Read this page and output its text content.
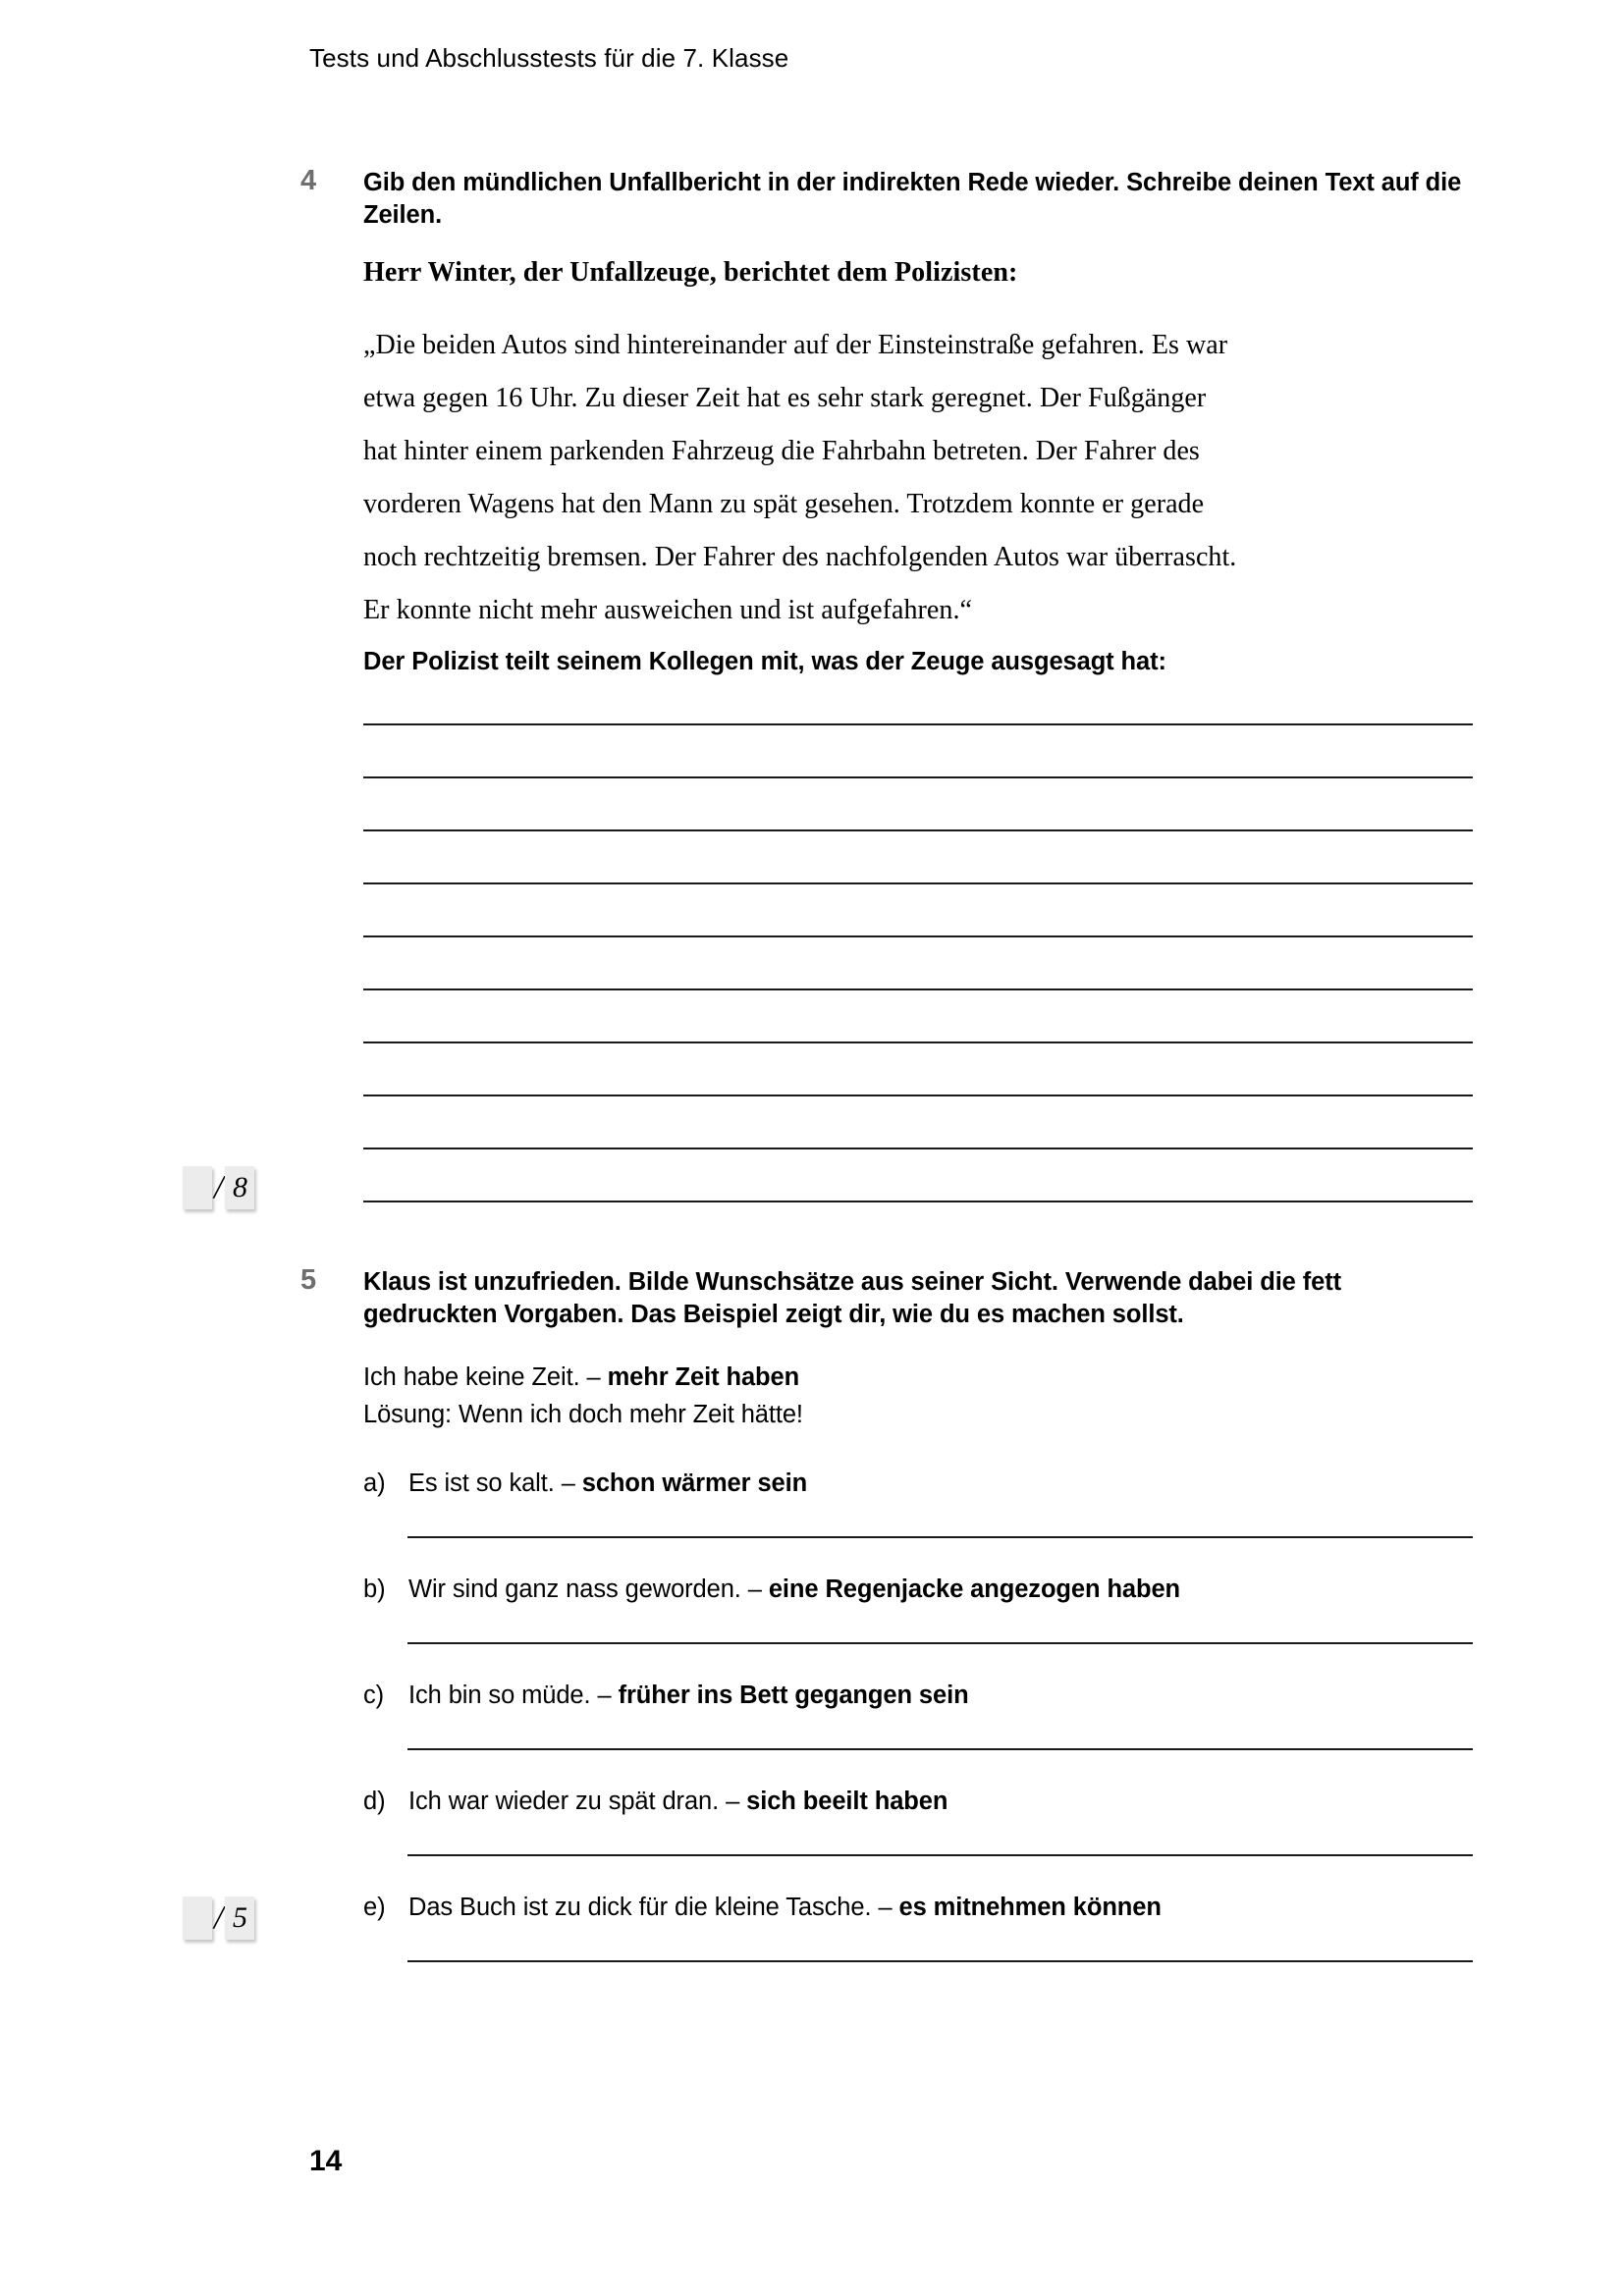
Tests und Abschlusstests für die 7. Klasse
4	Gib den mündlichen Unfallbericht in der indirekten Rede wieder. Schreibe deinen Text auf die Zeilen.
Herr Winter, der Unfallzeuge, berichtet dem Polizisten:
„Die beiden Autos sind hintereinander auf der Einsteinstraße gefahren. Es war
etwa gegen 16 Uhr. Zu dieser Zeit hat es sehr stark geregnet. Der Fußgänger
hat hinter einem parkenden Fahrzeug die Fahrbahn betreten. Der Fahrer des
vorderen Wagens hat den Mann zu spät gesehen. Trotzdem konnte er gerade
noch rechtzeitig bremsen. Der Fahrer des nachfolgenden Autos war überrascht.
Er konnte nicht mehr ausweichen und ist aufgefahren.“
Der Polizist teilt seinem Kollegen mit, was der Zeuge ausgesagt hat:
/ 8
5	Klaus ist unzufrieden. Bilde Wunschsätze aus seiner Sicht. Verwende dabei die fett gedruckten Vorgaben. Das Beispiel zeigt dir, wie du es machen sollst.
Ich habe keine Zeit. – mehr Zeit haben
Lösung: Wenn ich doch mehr Zeit hätte!
a) Es ist so kalt. – schon wärmer sein
b) Wir sind ganz nass geworden. – eine Regenjacke angezogen haben
c) Ich bin so müde. – früher ins Bett gegangen sein
d) Ich war wieder zu spät dran. – sich beeilt haben
e) Das Buch ist zu dick für die kleine Tasche. – es mitnehmen können
/ 5
14
